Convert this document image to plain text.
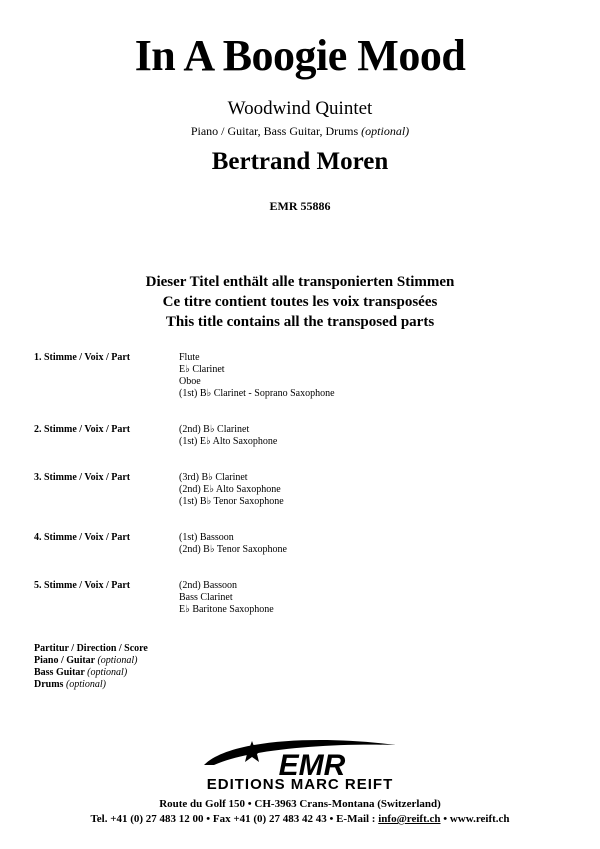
In A Boogie Mood
Woodwind Quintet
Piano / Guitar, Bass Guitar, Drums (optional)
Bertrand Moren
EMR 55886
Dieser Titel enthält alle transponierten Stimmen
Ce titre contient toutes les voix transposées
This title contains all the transposed parts
1. Stimme / Voix / Part	Flute
E♭ Clarinet
Oboe
(1st) B♭ Clarinet - Soprano Saxophone
2. Stimme / Voix / Part	(2nd) B♭ Clarinet
(1st) E♭ Alto Saxophone
3. Stimme / Voix / Part	(3rd) B♭ Clarinet
(2nd) E♭ Alto Saxophone
(1st) B♭ Tenor Saxophone
4. Stimme / Voix / Part	(1st) Bassoon
(2nd) B♭ Tenor Saxophone
5. Stimme / Voix / Part	(2nd) Bassoon
Bass Clarinet
E♭ Baritone Saxophone
Partitur / Direction / Score
Piano / Guitar (optional)
Bass Guitar (optional)
Drums (optional)
EMR
EDITIONS MARC REIFT
Route du Golf 150 • CH-3963 Crans-Montana (Switzerland)
Tel. +41 (0) 27 483 12 00 • Fax +41 (0) 27 483 42 43 • E-Mail : info@reift.ch • www.reift.ch
